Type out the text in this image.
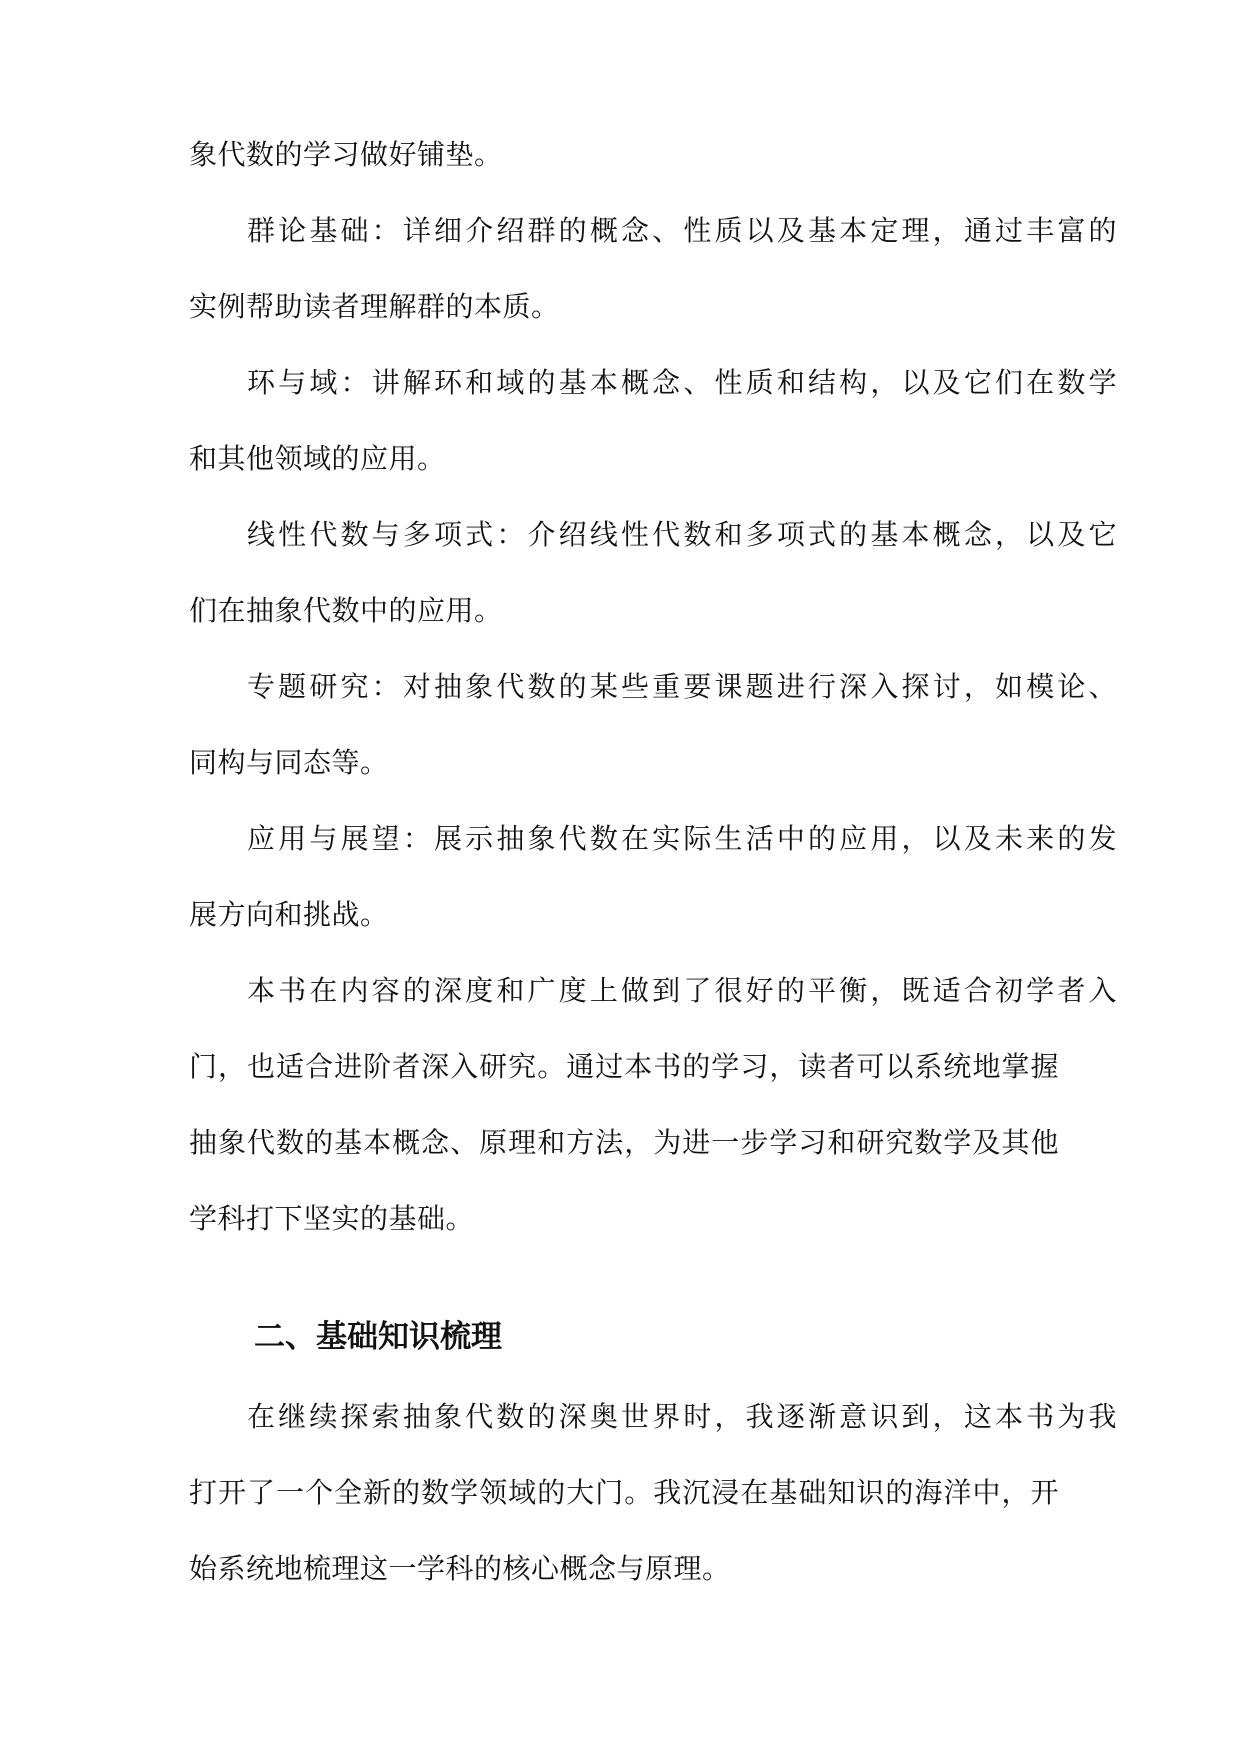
象代数的学习做好铺垫。
群论基础：详细介绍群的概念、性质以及基本定理，通过丰富的
实例帮助读者理解群的本质。
环与域：讲解环和域的基本概念、性质和结构，以及它们在数学
和其他领域的应用。
线性代数与多项式：介绍线性代数和多项式的基本概念，以及它
们在抽象代数中的应用。
专题研究：对抽象代数的某些重要课题进行深入探讨，如模论、
同构与同态等。
应用与展望：展示抽象代数在实际生活中的应用，以及未来的发
展方向和挑战。
本书在内容的深度和广度上做到了很好的平衡，既适合初学者入
门，也适合进阶者深入研究。通过本书的学习，读者可以系统地掌握
抽象代数的基本概念、原理和方法，为进一步学习和研究数学及其他
学科打下坚实的基础。
二、基础知识梳理
在继续探索抽象代数的深奥世界时，我逐渐意识到，这本书为我
打开了一个全新的数学领域的大门。我沉浸在基础知识的海洋中，开
始系统地梳理这一学科的核心概念与原理。
